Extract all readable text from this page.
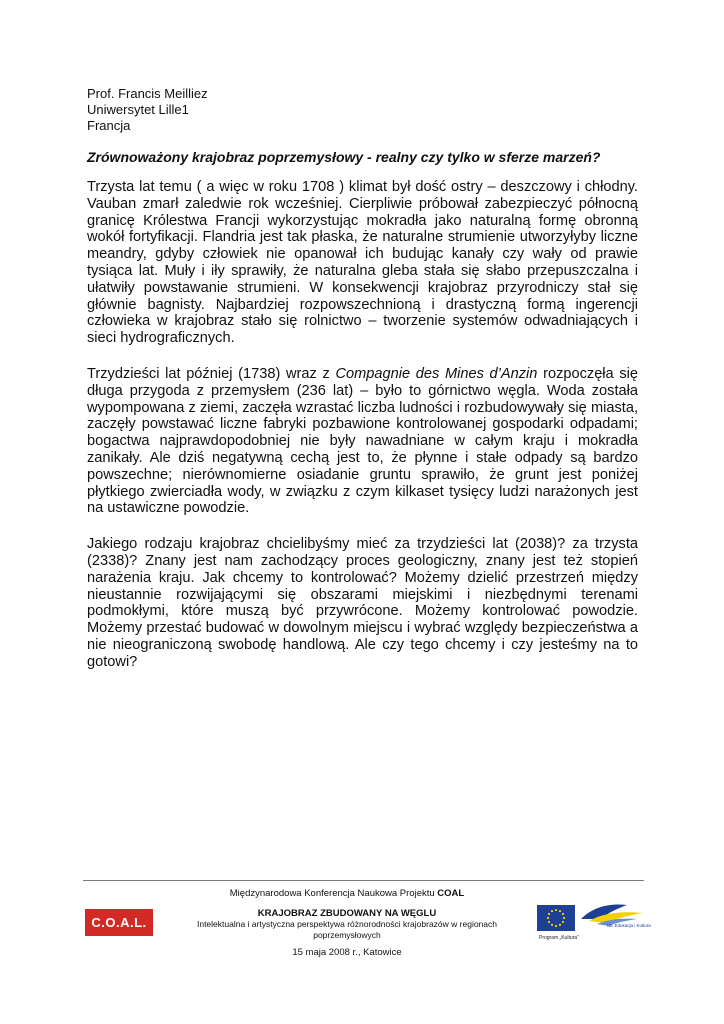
Prof. Francis Meilliez
Uniwersytet Lille1
Francja
Zrównoważony krajobraz poprzemysłowy - realny czy tylko w sferze marzeń?

Trzysta lat temu ( a więc w roku 1708 ) klimat był dość ostry – deszczowy i chłodny. Vauban zmarł zaledwie rok wcześniej. Cierpliwie próbował zabezpieczyć północną granicę Królestwa Francji wykorzystując mokradła jako naturalną formę obronną wokół fortyfikacji. Flandria jest tak płaska, że naturalne strumienie utworzyłyby liczne meandry, gdyby człowiek nie opanował ich budując kanały czy wały od prawie tysiąca lat. Muły i iły sprawiły, że naturalna gleba stała się słabo przepuszczalna i ułatwiły powstawanie strumieni. W konsekwencji krajobraz przyrodniczy stał się głównie bagnisty. Najbardziej rozpowszechnioną i drastyczną formą ingerencji człowieka w krajobraz stało się rolnictwo – tworzenie systemów odwadniających i sieci hydrograficznych.

Trzydzieści lat później (1738) wraz z Compagnie des Mines d’Anzin rozpoczęła się długa przygoda z przemysłem (236 lat) – było to górnictwo węgla. Woda została wypompowana z ziemi, zaczęła wzrastać liczba ludności i rozbudowywały się miasta, zaczęły powstawać liczne fabryki pozbawione kontrolowanej gospodarki odpadami; bogactwa najprawdopodobniej nie były nawadniane w całym kraju i mokradła zanikały. Ale dziś negatywną cechą jest to, że płynne i stałe odpady są bardzo powszechne; nierównomierne osiadanie gruntu sprawiło, że grunt jest poniżej płytkiego zwierciadła wody, w związku z czym kilkaset tysięcy ludzi narażonych jest na ustawiczne powodzie.

Jakiego rodzaju krajobraz chcielibyśmy mieć za trzydzieści lat (2038)? za trzysta (2338)? Znany jest nam zachodzący proces geologiczny, znany jest też stopień narażenia kraju. Jak chcemy to kontrolować? Możemy dzielić przestrzeń między nieustannie rozwijającymi się obszarami miejskimi i niezbędnymi terenami podmokłymi, które muszą być przywrócone. Możemy kontrolować powodzie. Możemy przestać budować w dowolnym miejscu i wybrać względy bezpieczeństwa a nie nieograniczoną swobodę handlową. Ale czy tego chcemy i czy jesteśmy na to gotowi?

C.O.A.L.
Międzynarodowa Konferencja Naukowa Projektu COAL
KRAJOBRAZ ZBUDOWANY NA WĘGLU
Intelektualna i artystyczna perspektywa różnorodności krajobrazów w regionach poprzemysłowych
15 maja 2008 r., Katowice
UE Edukacja i Kultura
Program „Kultura”
